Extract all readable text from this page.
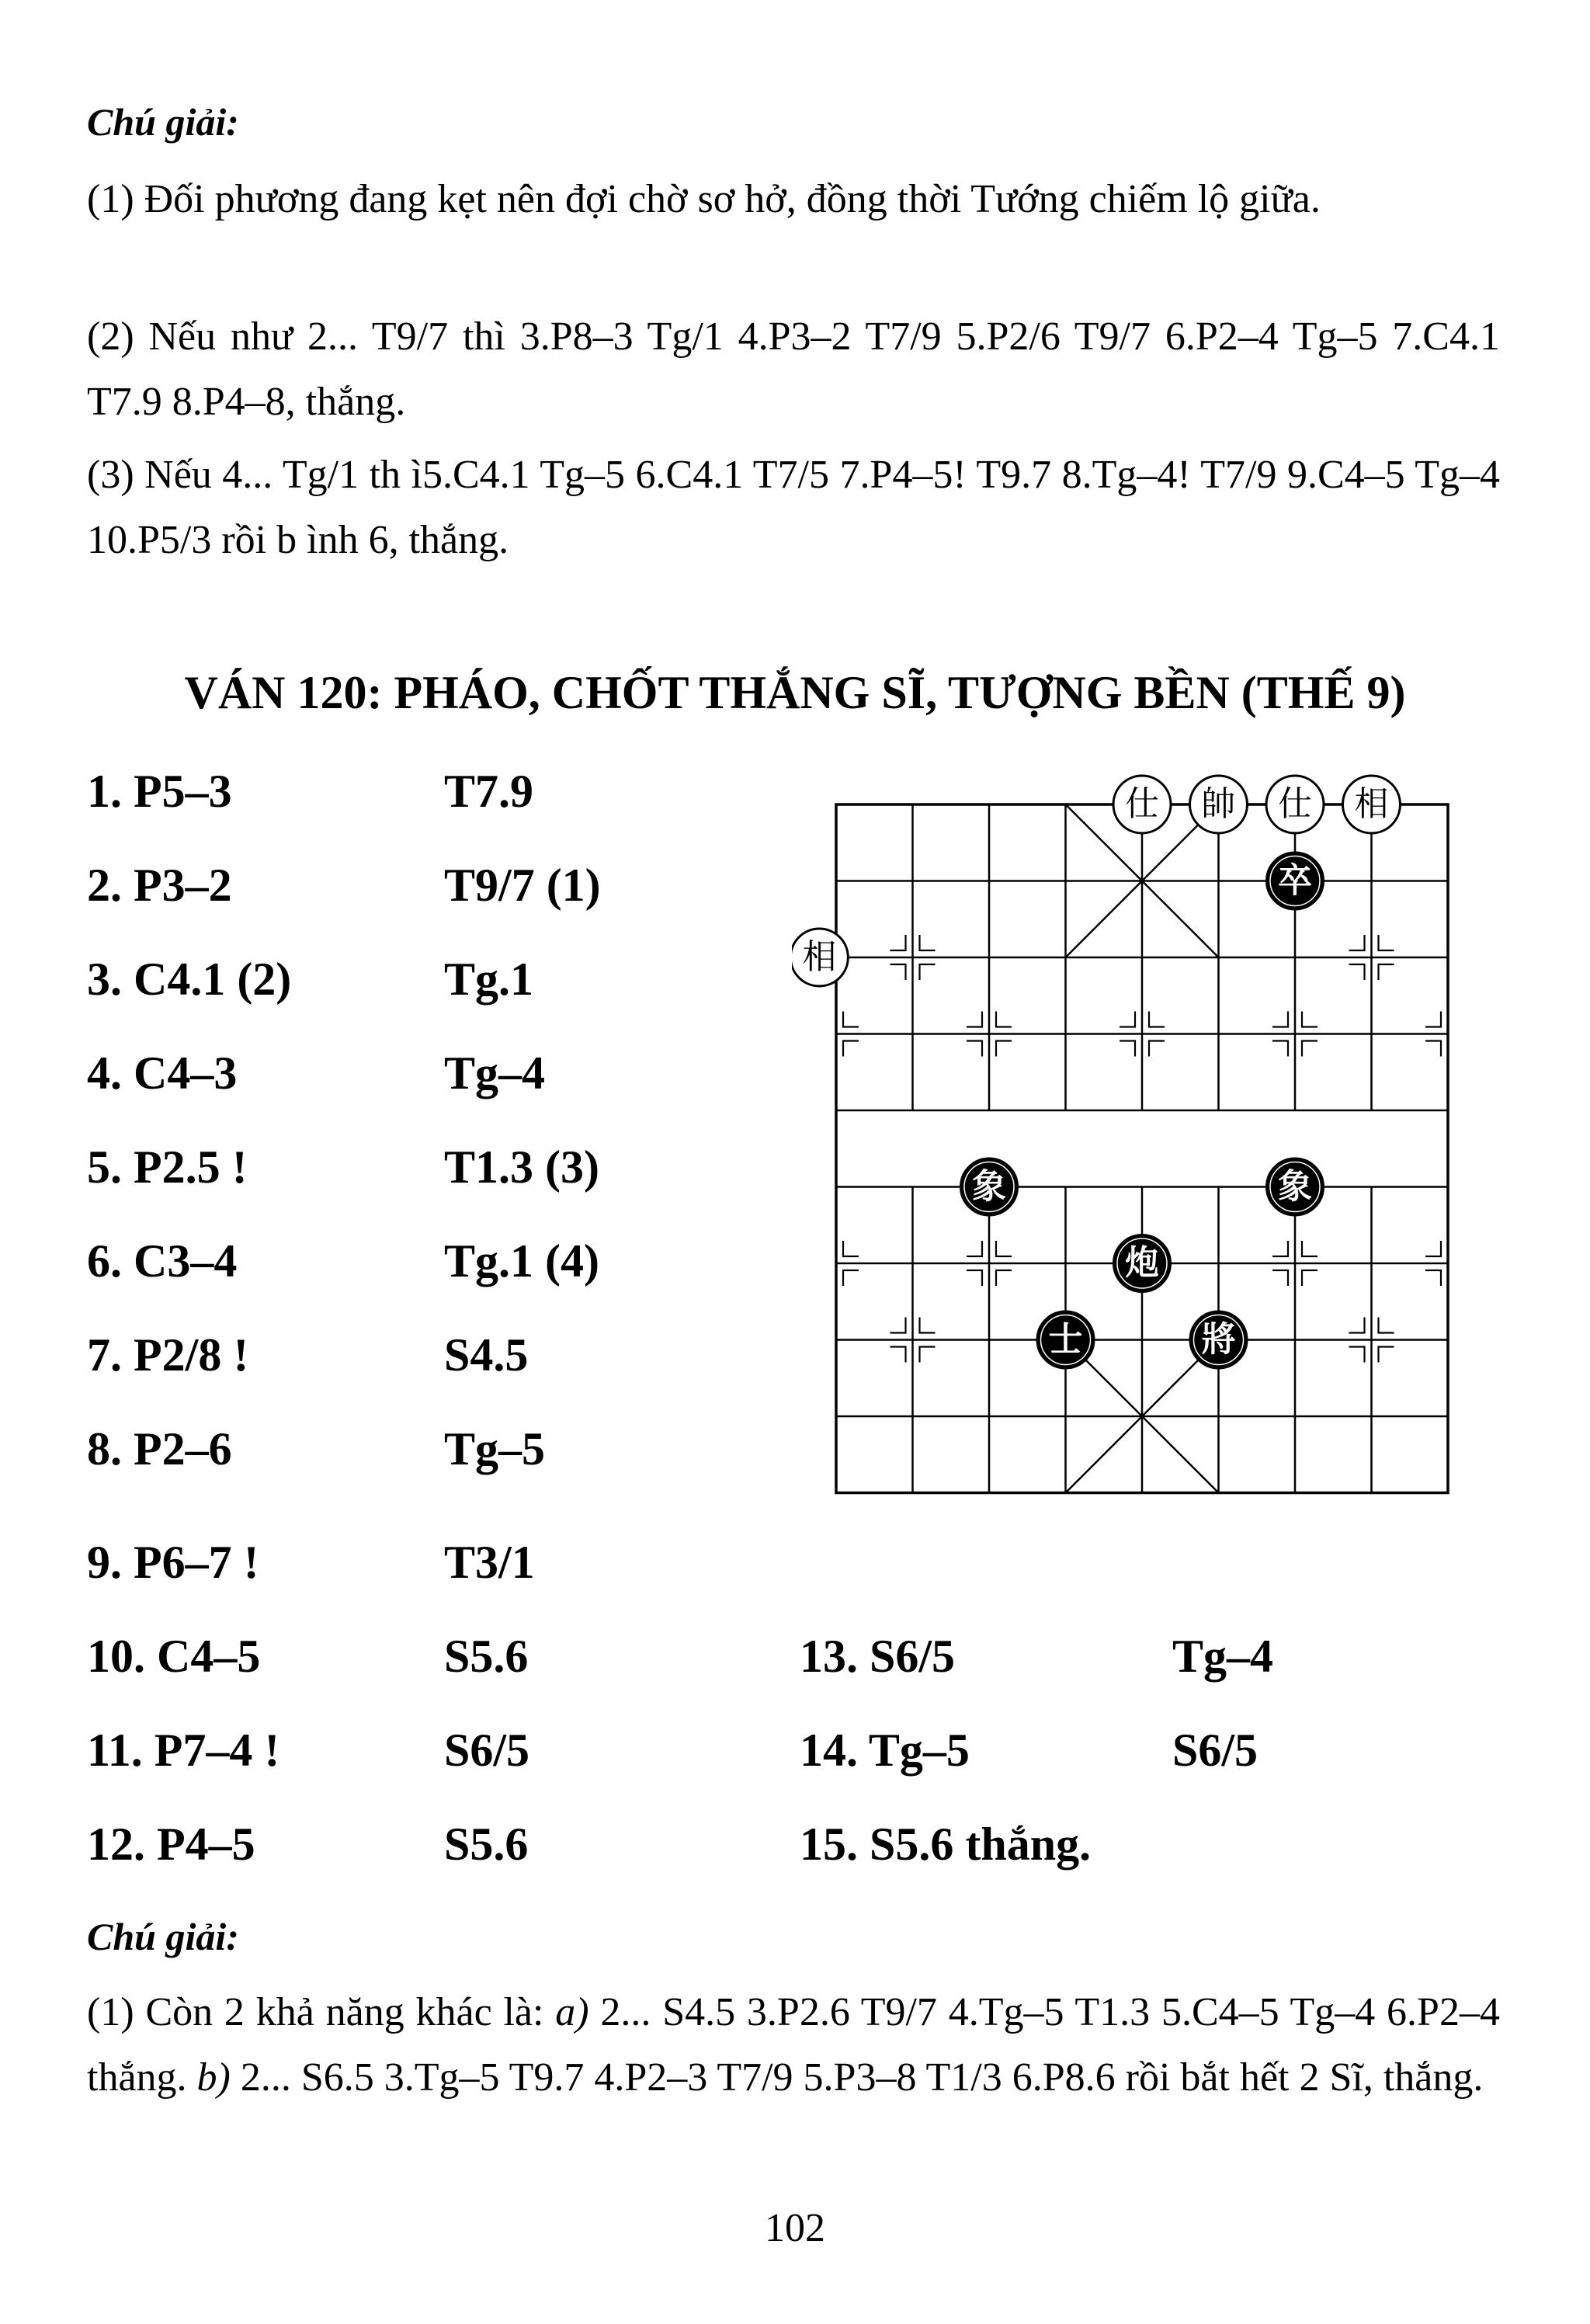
Chú giải:
(1) Đối phương đang kẹt nên đợi chờ sơ hở, đồng thời Tướng chiếm lộ giữa.
(2) Nếu như 2... T9/7 thì 3.P8–3 Tg/1 4.P3–2 T7/9 5.P2/6 T9/7 6.P2–4 Tg–5 7.C4.1 T7.9 8.P4–8, thắng.
(3) Nếu 4... Tg/1 th ì5.C4.1 Tg–5 6.C4.1 T7/5 7.P4–5! T9.7 8.Tg–4! T7/9 9.C4–5 Tg–4 10.P5/3 rồi b ình 6, thắng.
VÁN 120: PHÁO, CHỐT THẮNG SĨ, TƯỢNG BỀN (THẾ 9)
1. P5–3	T7.9
2. P3–2	T9/7 (1)
3. C4.1 (2)	Tg.1
4. C4–3	Tg–4
5. P2.5 !	T1.3 (3)
6. C3–4	Tg.1 (4)
7. P2/8 !	S4.5
8. P2–6	Tg–5
9. P6–7 !	T3/1
10. C4–5	S5.6
11. P7–4 !	S6/5
12. P4–5	S5.6
13. S6/5	Tg–4
14. Tg–5	S6/5
15. S5.6 thắng.
仕 帥 仕 相
卒
相
象	象
炮
士	將
Chú giải:
(1) Còn 2 khả năng khác là: a) 2... S4.5 3.P2.6 T9/7 4.Tg–5 T1.3 5.C4–5 Tg–4 6.P2–4 thắng. b) 2... S6.5 3.Tg–5 T9.7 4.P2–3 T7/9 5.P3–8 T1/3 6.P8.6 rồi bắt hết 2 Sĩ, thắng.
102
